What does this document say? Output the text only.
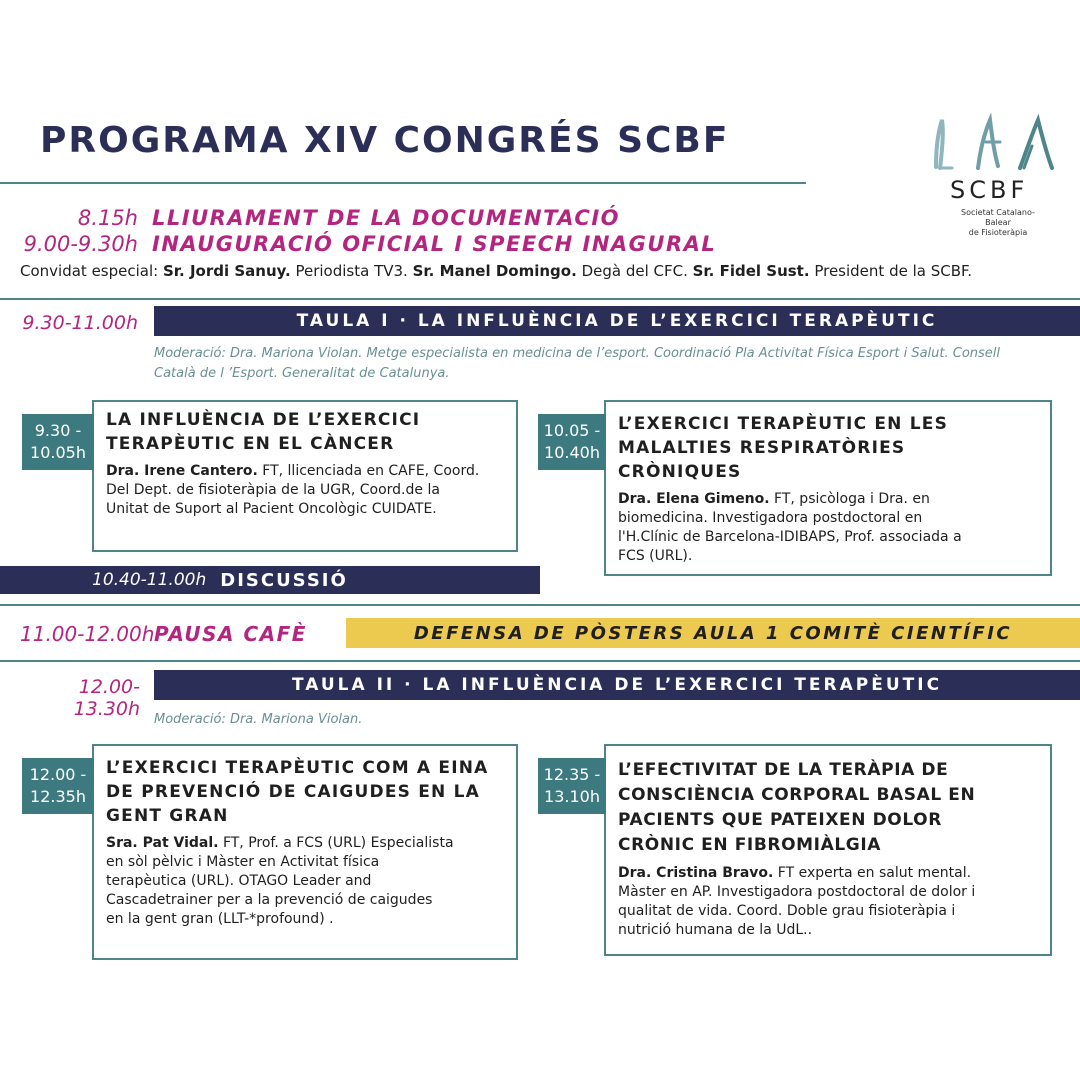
PROGRAMA XIV CONGRÉS SCBF
SCBF
Societat Catalano-Balear
de Fisioteràpia
8.15h LLIURAMENT DE LA DOCUMENTACIÓ
9.00-9.30h INAUGURACIÓ OFICIAL I SPEECH INAGURAL
Convidat especial: Sr. Jordi Sanuy. Periodista TV3. Sr. Manel Domingo. Degà del CFC. Sr. Fidel Sust. President de la SCBF.
9.30-11.00h	TAULA I · LA INFLUÈNCIA DE L’EXERCICI TERAPÈUTIC
Moderació: Dra. Mariona Violan. Metge especialista en medicina de l’esport. Coordinació Pla Activitat Física Esport i Salut. Consell
Català de l ’Esport. Generalitat de Catalunya.
LA INFLUÈNCIA DE L’EXERCICI
TERAPÈUTIC EN EL CÀNCER
Dra. Irene Cantero. FT, llicenciada en CAFE, Coord.
Del Dept. de fisioteràpia de la UGR, Coord.de la
Unitat de Suport al Pacient Oncològic CUIDATE.
9.30 -
10.05h
L’EXERCICI TERAPÈUTIC EN LES
MALALTIES RESPIRATÒRIES
CRÒNIQUES
Dra. Elena Gimeno. FT, psicòloga i Dra. en
biomedicina. Investigadora postdoctoral en
l'H.Clínic de Barcelona-IDIBAPS, Prof. associada a
FCS (URL).
10.05 -
10.40h
10.40-11.00h DISCUSSIÓ
11.00-12.00h PAUSA CAFÈ	DEFENSA DE PÒSTERS AULA 1 COMITÈ CIENTÍFIC
12.00-13.30h
TAULA II · LA INFLUÈNCIA DE L’EXERCICI TERAPÈUTIC
Moderació: Dra. Mariona Violan.
L’EXERCICI TERAPÈUTIC COM A EINA
DE PREVENCIÓ DE CAIGUDES EN LA
GENT GRAN
Sra. Pat Vidal. FT, Prof. a FCS (URL) Especialista
en sòl pèlvic i Màster en Activitat física
terapèutica (URL). OTAGO Leader and
Cascadetrainer per a la prevenció de caigudes
en la gent gran (LLT-*profound) .
12.00 -
12.35h
L’EFECTIVITAT DE LA TERÀPIA DE
CONSCIÈNCIA CORPORAL BASAL EN
PACIENTS QUE PATEIXEN DOLOR
CRÒNIC EN FIBROMIÀLGIA
Dra. Cristina Bravo. FT experta en salut mental.
Màster en AP. Investigadora postdoctoral de dolor i
qualitat de vida. Coord. Doble grau fisioteràpia i
nutrició humana de la UdL..
12.35 -
13.10h
